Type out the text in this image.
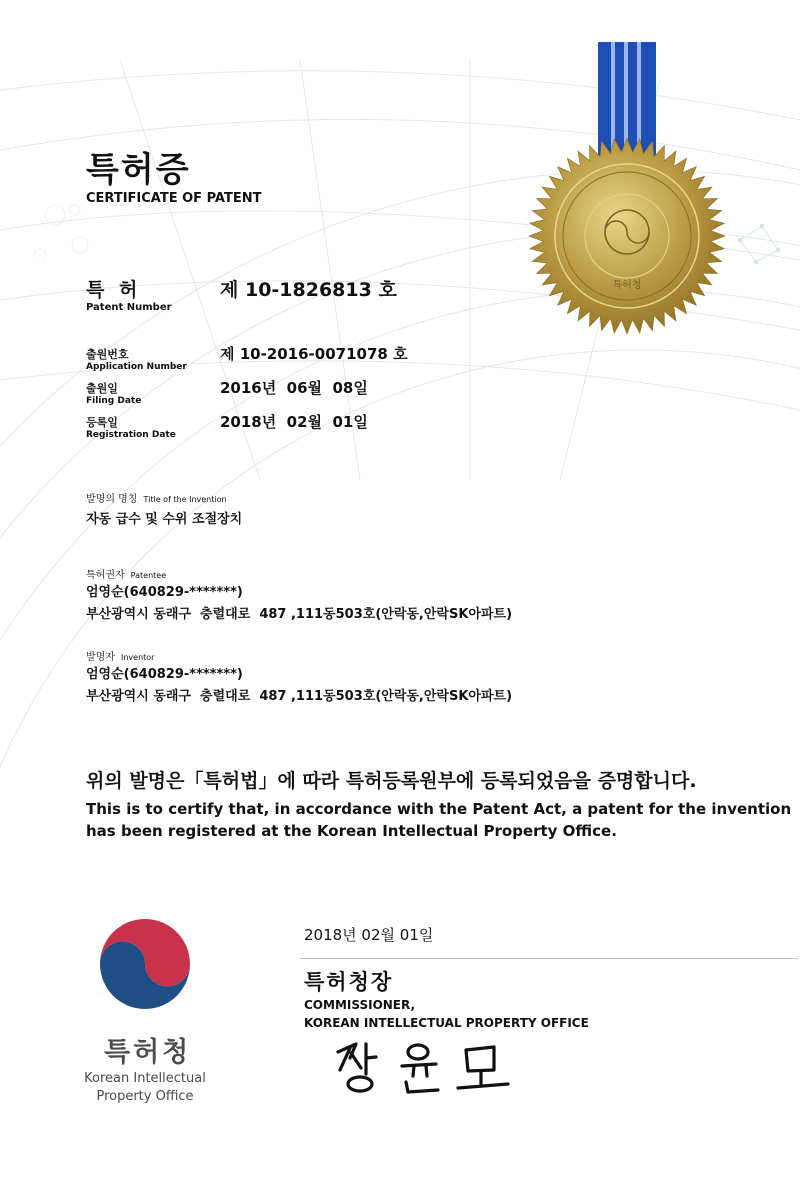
특허청
특허증
CERTIFICATE OF PATENT
특 허
Patent Number
제 10-1826813 호
출원번호
Application Number
제 10-2016-0071078 호
출원일
Filing Date
2016년  06월  08일
등록일
Registration Date
2018년  02월  01일
발명의 명칭 Title of the Invention
자동 급수 및 수위 조절장치
특허권자 Patentee
엄영순(640829-*******)
부산광역시 동래구  충렬대로  487 ,111동503호(안락동,안락SK아파트)
발명자 Inventor
엄영순(640829-*******)
부산광역시 동래구  충렬대로  487 ,111동503호(안락동,안락SK아파트)
위의 발명은「특허법」에 따라 특허등록원부에 등록되었음을 증명합니다.
This is to certify that, in accordance with the Patent Act, a patent for the invention
has been registered at the Korean Intellectual Property Office.
특허청
Korean Intellectual
Property Office
2018년 02월 01일
특허청장
COMMISSIONER,
KOREAN INTELLECTUAL PROPERTY OFFICE
